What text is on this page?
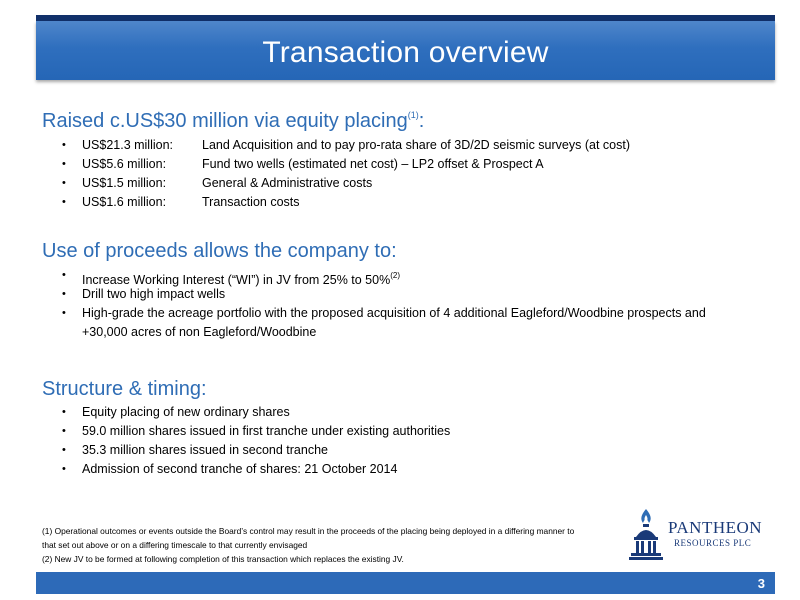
Transaction overview
Raised c.US$30 million via equity placing$^{(1)}$:
• US$21.3 million: Land Acquisition and to pay pro-rata share of 3D/2D seismic surveys (at cost)
• US$5.6 million:	Fund two wells (estimated net cost) – LP2 offset & Prospect A
• US$1.5 million:	General & Administrative costs
• US$1.6 million:	Transaction costs
Use of proceeds allows the company to:
• Increase Working Interest (“WI”) in JV from 25% to 50%$^{(2)}$
• Drill two high impact wells
• High-grade the acreage portfolio with the proposed acquisition of 4 additional Eagleford/Woodbine prospects and
+30,000 acres of non Eagleford/Woodbine
Structure & timing:
• Equity placing of new ordinary shares
• 59.0 million shares issued in first tranche under existing authorities
• 35.3 million shares issued in second tranche
• Admission of second tranche of shares: 21 October 2014
(1) Operational outcomes or events outside the Board’s control may result in the proceeds of the placing being deployed in a differing manner to
that set out above or on a differing timescale to that currently envisaged
(2) New JV to be formed at following completion of this transaction which replaces the existing JV.
PANTHEON
RESOURCES PLC
3
